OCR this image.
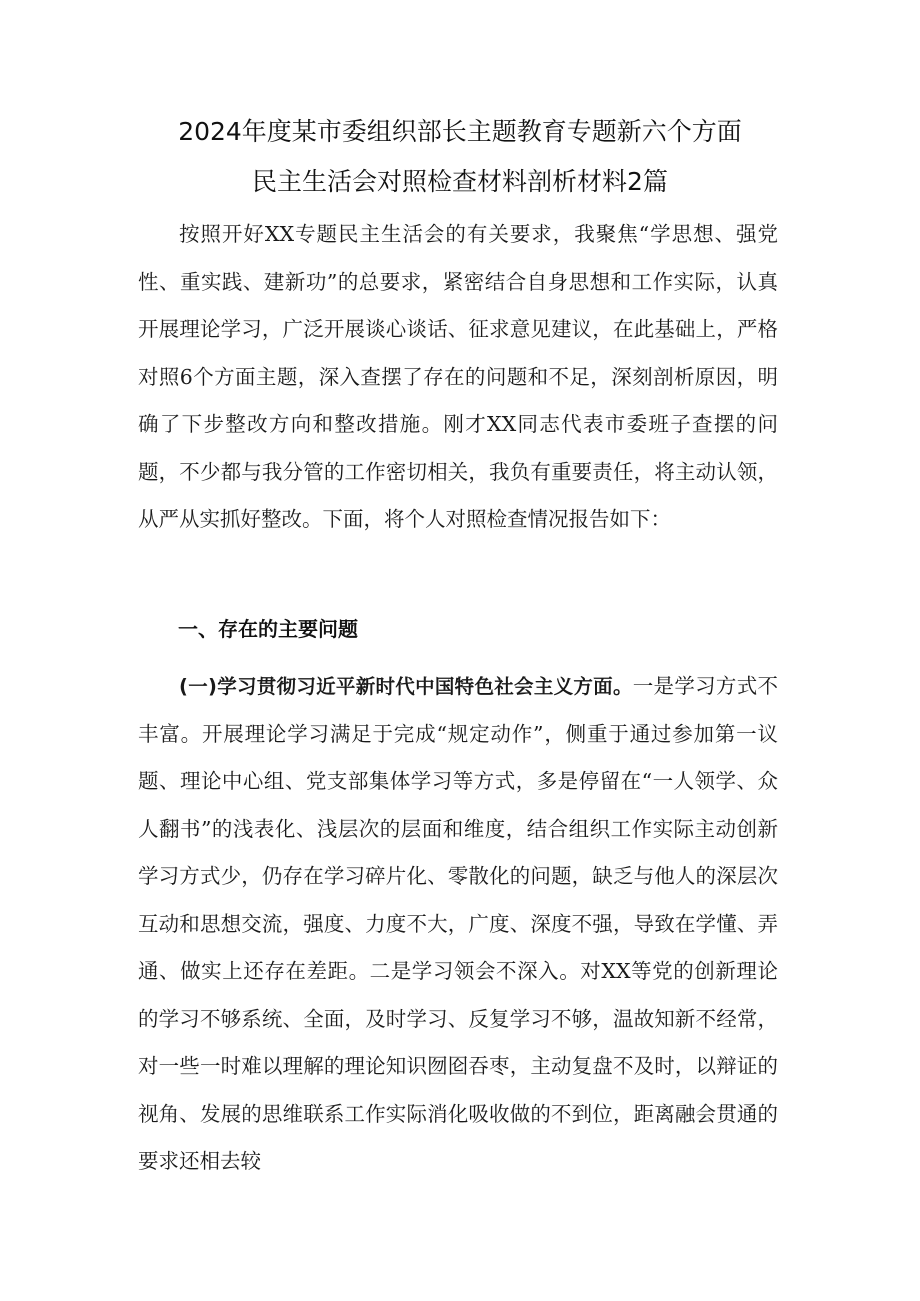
2024年度某市委组织部长主题教育专题新六个方面
民主生活会对照检查材料剖析材料2篇

按照开好XX专题民主生活会的有关要求，我聚焦“学思想、强党性、重实践、建新功”的总要求，紧密结合自身思想和工作实际，认真开展理论学习，广泛开展谈心谈话、征求意见建议，在此基础上，严格对照6个方面主题，深入查摆了存在的问题和不足，深刻剖析原因，明确了下步整改方向和整改措施。刚才XX同志代表市委班子查摆的问题，不少都与我分管的工作密切相关，我负有重要责任，将主动认领，从严从实抓好整改。下面，将个人对照检查情况报告如下：

一、存在的主要问题

(一)学习贯彻习近平新时代中国特色社会主义方面。一是学习方式不丰富。开展理论学习满足于完成“规定动作”，侧重于通过参加第一议题、理论中心组、党支部集体学习等方式，多是停留在“一人领学、众人翻书”的浅表化、浅层次的层面和维度，结合组织工作实际主动创新学习方式少，仍存在学习碎片化、零散化的问题，缺乏与他人的深层次互动和思想交流，强度、力度不大，广度、深度不强，导致在学懂、弄通、做实上还存在差距。二是学习领会不深入。对XX等党的创新理论的学习不够系统、全面，及时学习、反复学习不够，温故知新不经常，对一些一时难以理解的理论知识囫囵吞枣，主动复盘不及时，以辩证的视角、发展的思维联系工作实际消化吸收做的不到位，距离融会贯通的要求还相去较
